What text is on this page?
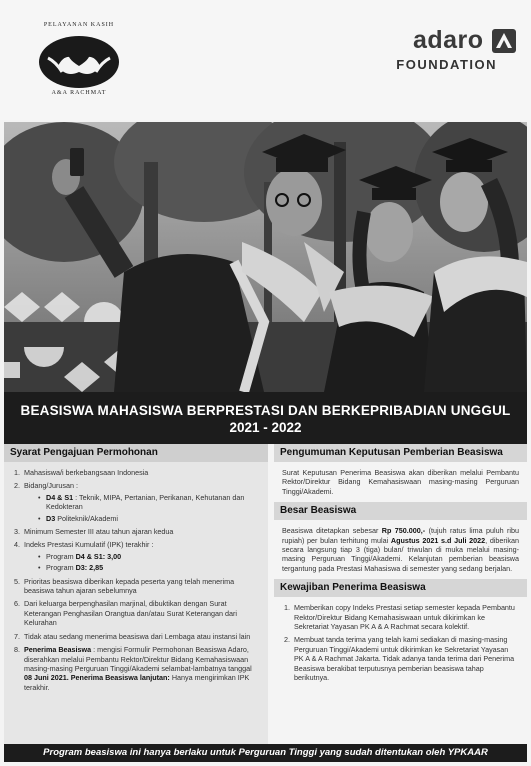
PELAYANAN KASIH
A&A RACHMAT
adaro
FOUNDATION
BEASISWA MAHASISWA BERPRESTASI DAN BERKEPRIBADIAN UNGGUL
2021 - 2022
Syarat Pengajuan Permohonan
1. Mahasiswa/i berkebangsaan Indonesia
2. Bidang/Jurusan :
• D4 & S1 : Teknik, MIPA, Pertanian, Perikanan, Kehutanan dan Kedokteran
• D3 Politeknik/Akademi
3. Minimum Semester III atau tahun ajaran kedua
4. Indeks Prestasi Kumulatif (IPK) terakhir :
• Program D4 & S1: 3,00
• Program D3: 2,85
5. Prioritas beasiswa diberikan kepada peserta yang telah menerima beasiswa tahun ajaran sebelumnya
6. Dari keluarga berpenghasilan marjinal, dibuktikan dengan Surat Keterangan Penghasilan Orangtua dan/atau Surat Keterangan dari Kelurahan
7. Tidak atau sedang menerima beasiswa dari Lembaga atau instansi lain
8. Penerima Beasiswa : mengisi Formulir Permohonan Beasiswa Adaro, diserahkan melalui Pembantu Rektor/Direktur Bidang Kemahasiswaan masing-masing Perguruan Tinggi/Akademi selambat-lambatnya tanggal 08 Juni 2021. Penerima Beasiswa lanjutan: Hanya mengirimkan IPK terakhir.
Pengumuman Keputusan Pemberian Beasiswa
Surat Keputusan Penerima Beasiswa akan diberikan melalui Pembantu Rektor/Direktur Bidang Kemahasiswaan masing-masing Perguruan Tinggi/Akademi.
Besar Beasiswa
Beasiswa ditetapkan sebesar Rp 750.000,- (tujuh ratus lima puluh ribu rupiah) per bulan terhitung mulai Agustus 2021 s.d Juli 2022, diberikan secara langsung tiap 3 (tiga) bulan/ triwulan di muka melalui masing-masing Perguruan Tinggi/Akademi. Kelanjutan pemberian beasiswa tergantung pada Prestasi Mahasiswa di semester yang sedang berjalan.
Kewajiban Penerima Beasiswa
1. Memberikan copy Indeks Prestasi setiap semester kepada Pembantu Rektor/Direktur Bidang Kemahasiswaan untuk dikirimkan ke Sekretariat Yayasan PK A & A Rachmat secara kolektif.
2. Membuat tanda terima yang telah kami sediakan di masing-masing Perguruan Tinggi/Akademi untuk dikirimkan ke Sekretariat Yayasan PK A & A Rachmat Jakarta. Tidak adanya tanda terima dari Penerima Beasiswa berakibat terputusnya pemberian beasiswa tahap berikutnya.
Program beasiswa ini hanya berlaku untuk Perguruan Tinggi yang sudah ditentukan oleh YPKAAR
